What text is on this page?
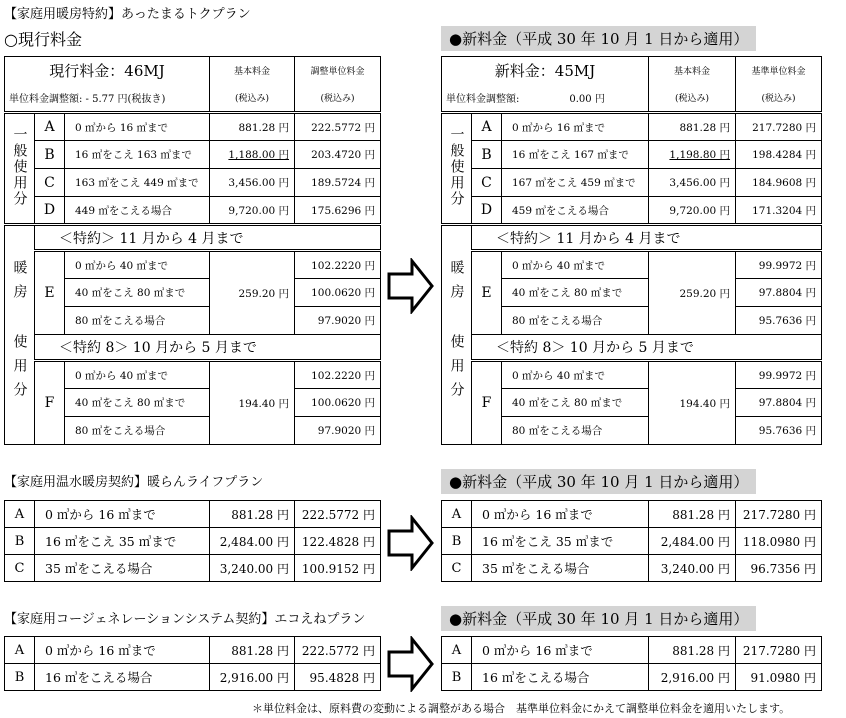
【家庭用暖房特約】あったまるトクプラン
○現行料金	●新料金（平成 30 年 10 月 1 日から適用）
現行料金：46MJ			基本料金	調整単位料金
単位料金調整額: - 5.77 円(税抜き)			(税込み)	(税込み)
一般使用分	A	0 ㎥から 16 ㎥まで	881.28 円	222.5772 円
	B	16 ㎥をこえ 163 ㎥まで	1,188.00 円	203.4720 円
	C	163 ㎥をこえ 449 ㎥まで	3,456.00 円	189.5724 円
	D	449 ㎥をこえる場合	9,720.00 円	175.6296 円
暖房 使用分	＜特約＞ 11 月から 4 月まで			
	E	0 ㎥から 40 ㎥まで	259.20 円	102.2220 円
		40 ㎥をこえ 80 ㎥まで		100.0620 円
		80 ㎥をこえる場合		97.9020 円
	＜特約 8＞ 10 月から 5 月まで			
	F	0 ㎥から 40 ㎥まで	194.40 円	102.2220 円
		40 ㎥をこえ 80 ㎥まで		100.0620 円
		80 ㎥をこえる場合		97.9020 円
新料金：45MJ			基本料金	基準単位料金
単位料金調整額: 0.00 円			(税込み)	(税込み)
一般使用分	A	0 ㎥から 16 ㎥まで	881.28 円	217.7280 円
	B	16 ㎥をこえ 167 ㎥まで	1,198.80 円	198.4284 円
	C	167 ㎥をこえ 459 ㎥まで	3,456.00 円	184.9608 円
	D	459 ㎥をこえる場合	9,720.00 円	171.3204 円
暖房 使用分	＜特約＞ 11 月から 4 月まで			
	E	0 ㎥から 40 ㎥まで	259.20 円	99.9972 円
		40 ㎥をこえ 80 ㎥まで		97.8804 円
		80 ㎥をこえる場合		95.7636 円
	＜特約 8＞ 10 月から 5 月まで			
	F	0 ㎥から 40 ㎥まで	194.40 円	99.9972 円
		40 ㎥をこえ 80 ㎥まで		97.8804 円
		80 ㎥をこえる場合		95.7636 円
【家庭用温水暖房契約】暖らんライフプラン	●新料金（平成 30 年 10 月 1 日から適用）
A	0 ㎥から 16 ㎥まで	881.28 円	222.5772 円
B	16 ㎥をこえ 35 ㎥まで	2,484.00 円	122.4828 円
C	35 ㎥をこえる場合	3,240.00 円	100.9152 円
A	0 ㎥から 16 ㎥まで	881.28 円	217.7280 円
B	16 ㎥をこえ 35 ㎥まで	2,484.00 円	118.0980 円
C	35 ㎥をこえる場合	3,240.00 円	96.7356 円
【家庭用コージェネレーションシステム契約】エコえねプラン	●新料金（平成 30 年 10 月 1 日から適用）
A	0 ㎥から 16 ㎥まで	881.28 円	222.5772 円
B	16 ㎥をこえる場合	2,916.00 円	95.4828 円
A	0 ㎥から 16 ㎥まで	881.28 円	217.7280 円
B	16 ㎥をこえる場合	2,916.00 円	91.0980 円
＊単位料金は、原料費の変動による調整がある場合　基準単位料金にかえて調整単位料金を適用いたします。
